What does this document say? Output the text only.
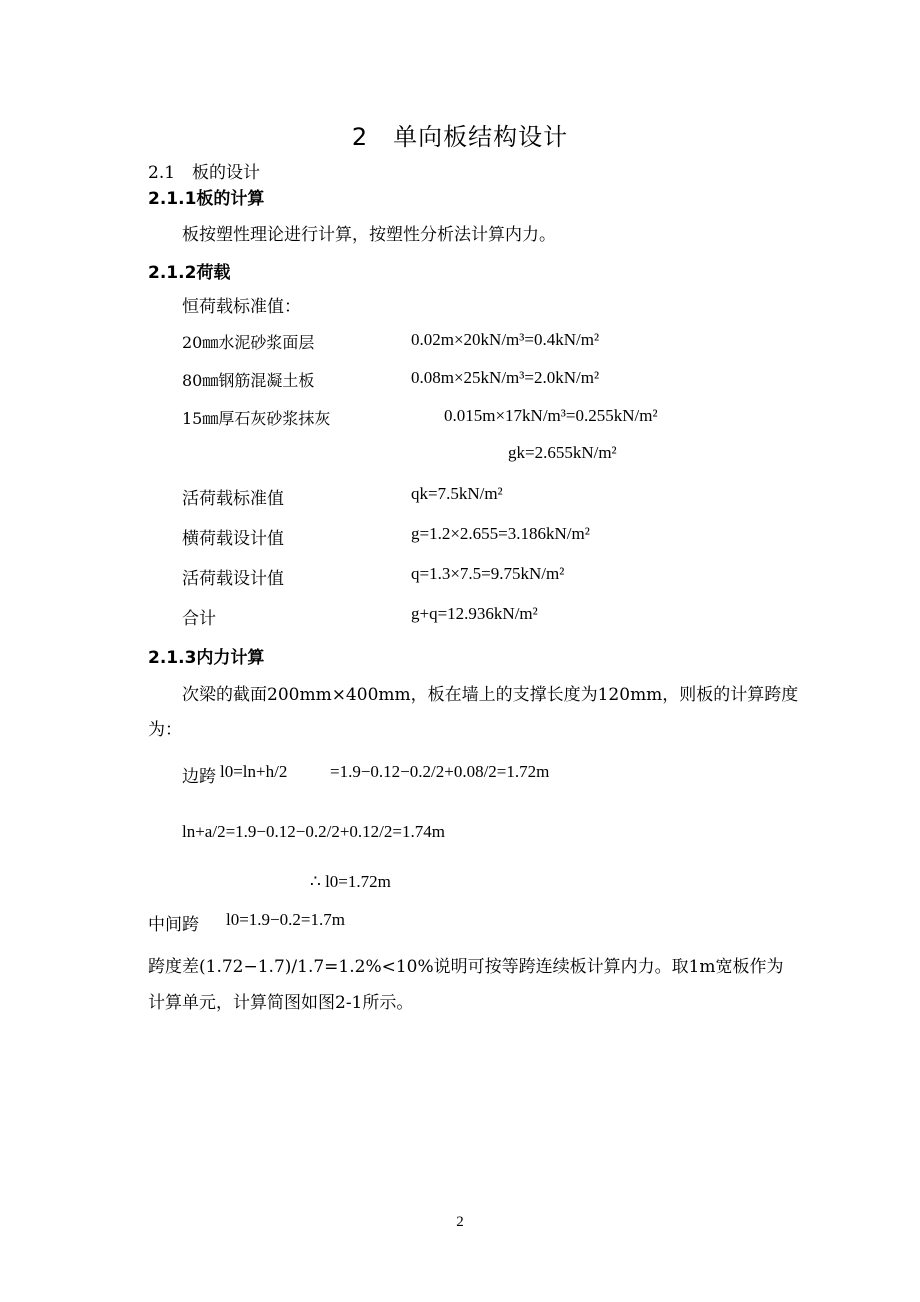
2　单向板结构设计
2.1　板的设计
2.1.1板的计算
板按塑性理论进行计算，按塑性分析法计算内力。
2.1.2荷载
恒荷载标准值：
20㎜水泥砂浆面层	0.02m×20kN/m³=0.4kN/m²
80㎜钢筋混凝土板	0.08m×25kN/m³=2.0kN/m²
15㎜厚石灰砂浆抹灰	0.015m×17kN/m³=0.255kN/m²
gk=2.655kN/m²
活荷载标准值	qk=7.5kN/m²
横荷载设计值	g=1.2×2.655=3.186kN/m²
活荷载设计值	q=1.3×7.5=9.75kN/m²
合计	g+q=12.936kN/m²
2.1.3内力计算
次梁的截面200mm×400mm，板在墙上的支撑长度为120mm，则板的计算跨度
为：
边跨 l0=ln+h/2	=1.9−0.12−0.2/2+0.08/2=1.72m
ln+a/2=1.9−0.12−0.2/2+0.12/2=1.74m
∴ l0=1.72m
中间跨 l0=1.9−0.2=1.7m
跨度差(1.72−1.7)/1.7=1.2%<10%说明可按等跨连续板计算内力。取1m宽板作为
计算单元，计算简图如图2-1所示。
2
